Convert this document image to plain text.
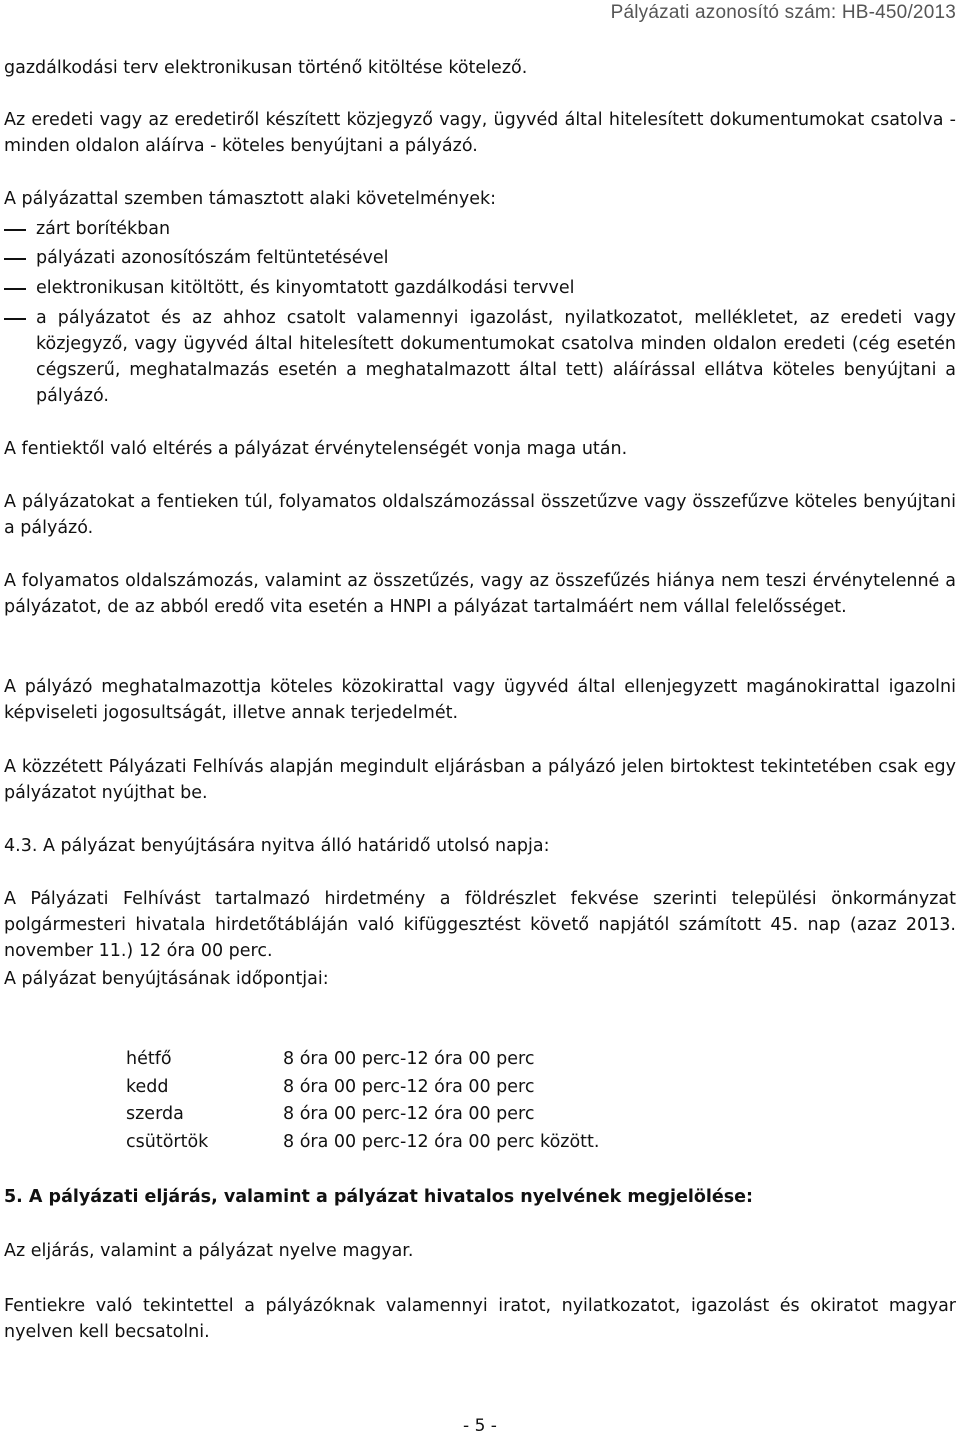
Pályázati azonosító szám: HB-450/2013

gazdálkodási terv elektronikusan történő kitöltése kötelező.

Az eredeti vagy az eredetiről készített közjegyző vagy, ügyvéd által hitelesített dokumentumokat csatolva - minden oldalon aláírva - köteles benyújtani a pályázó.

A pályázattal szemben támasztott alaki követelmények:

zárt borítékban
pályázati azonosítószám feltüntetésével
elektronikusan kitöltött, és kinyomtatott gazdálkodási tervvel
a pályázatot és az ahhoz csatolt valamennyi igazolást, nyilatkozatot, mellékletet, az eredeti vagy közjegyző, vagy ügyvéd által hitelesített dokumentumokat csatolva minden oldalon eredeti (cég esetén cégszerű, meghatalmazás esetén a meghatalmazott által tett) aláírással ellátva köteles benyújtani a pályázó.

A fentiektől való eltérés a pályázat érvénytelenségét vonja maga után.

A pályázatokat a fentieken túl, folyamatos oldalszámozással összetűzve vagy összefűzve köteles benyújtani a pályázó.

A folyamatos oldalszámozás, valamint az összetűzés, vagy az összefűzés hiánya nem teszi érvénytelenné a pályázatot, de az abból eredő vita esetén a HNPI a pályázat tartalmáért nem vállal felelősséget.

A pályázó meghatalmazottja köteles közokirattal vagy ügyvéd által ellenjegyzett magánokirattal igazolni képviseleti jogosultságát, illetve annak terjedelmét.

A közzétett Pályázati Felhívás alapján megindult eljárásban a pályázó jelen birtoktest tekintetében csak egy pályázatot nyújthat be.

4.3. A pályázat benyújtására nyitva álló határidő utolsó napja:

A Pályázati Felhívást tartalmazó hirdetmény a földrészlet fekvése szerinti települési önkormányzat polgármesteri hivatala hirdetőtábláján való kifüggesztést követő napjától számított 45. nap (azaz 2013. november 11.) 12 óra 00 perc.

A pályázat benyújtásának időpontjai:

hétfő	8 óra 00 perc-12 óra 00 perc
kedd	8 óra 00 perc-12 óra 00 perc
szerda	8 óra 00 perc-12 óra 00 perc
csütörtök	8 óra 00 perc-12 óra 00 perc között.

5. A pályázati eljárás, valamint a pályázat hivatalos nyelvének megjelölése:

Az eljárás, valamint a pályázat nyelve magyar.

Fentiekre való tekintettel a pályázóknak valamennyi iratot, nyilatkozatot, igazolást és okiratot magyar nyelven kell becsatolni.

- 5 -
